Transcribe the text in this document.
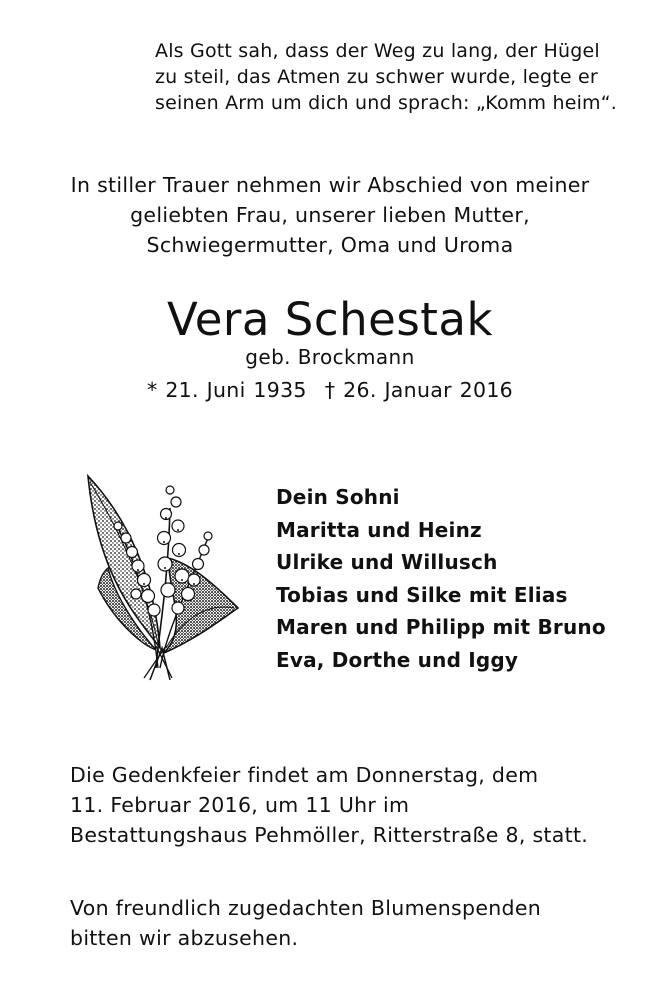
Als Gott sah, dass der Weg zu lang, der Hügel
zu steil, das Atmen zu schwer wurde, legte er
seinen Arm um dich und sprach: „Komm heim“.
In stiller Trauer nehmen wir Abschied von meiner
geliebten Frau, unserer lieben Mutter,
Schwiegermutter, Oma und Uroma
Vera Schestak
geb. Brockmann
* 21. Juni 1935 † 26. Januar 2016
Dein Sohni
Maritta und Heinz
Ulrike und Willusch
Tobias und Silke mit Elias
Maren und Philipp mit Bruno
Eva, Dorthe und Iggy
Die Gedenkfeier findet am Donnerstag, dem
11. Februar 2016, um 11 Uhr im
Bestattungshaus Pehmöller, Ritterstraße 8, statt.
Von freundlich zugedachten Blumenspenden
bitten wir abzusehen.
